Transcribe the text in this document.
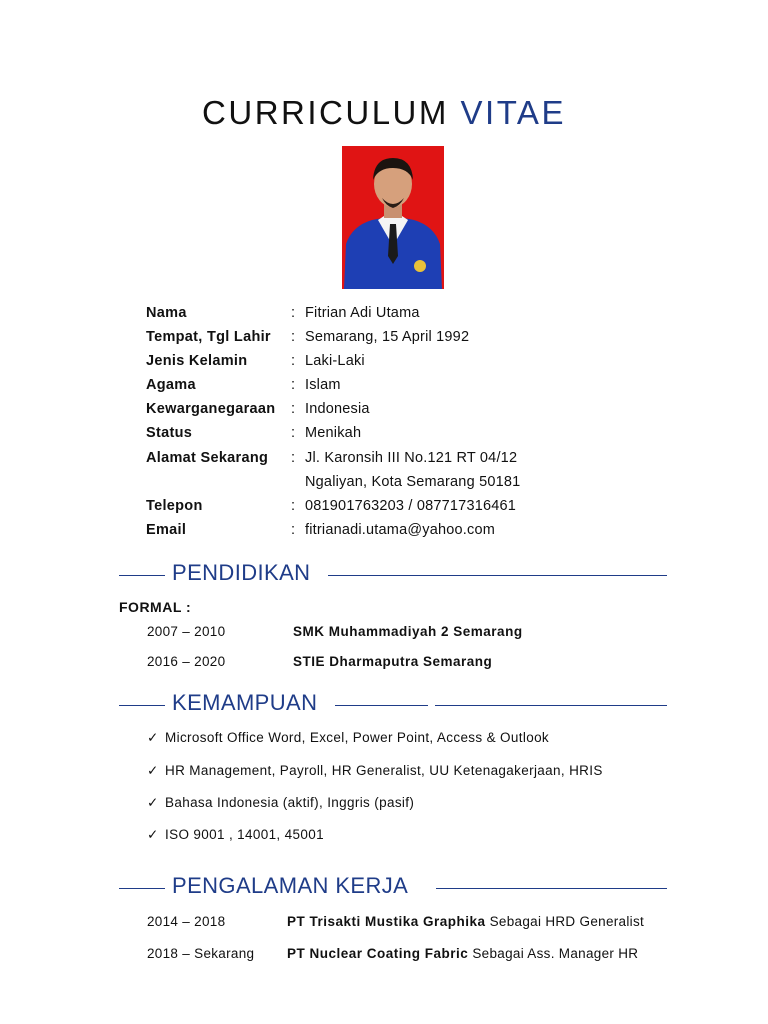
CURRICULUM VITAE
Nama	: Fitrian Adi Utama
Tempat, Tgl Lahir : Semarang, 15 April 1992
Jenis Kelamin	: Laki-Laki
Agama	: Islam
Kewarganegaraan : Indonesia
Status	: Menikah
Alamat Sekarang : Jl. Karonsih III No.121 RT 04/12
Ngaliyan, Kota Semarang 50181
Telepon	: 081901763203 / 087717316461
Email	: fitrianadi.utama@yahoo.com
PENDIDIKAN
FORMAL :
2007 – 2010	SMK Muhammadiyah 2 Semarang
2016 – 2020	STIE Dharmaputra Semarang
KEMAMPUAN
✓ Microsoft Office Word, Excel, Power Point, Access & Outlook
✓ HR Management, Payroll, HR Generalist, UU Ketenagakerjaan, HRIS
✓ Bahasa Indonesia (aktif), Inggris (pasif)
✓ ISO 9001 , 14001, 45001
PENGALAMAN KERJA
2014 – 2018	PT Trisakti Mustika Graphika Sebagai HRD Generalist
2018 – Sekarang PT Nuclear Coating Fabric Sebagai Ass. Manager HR
